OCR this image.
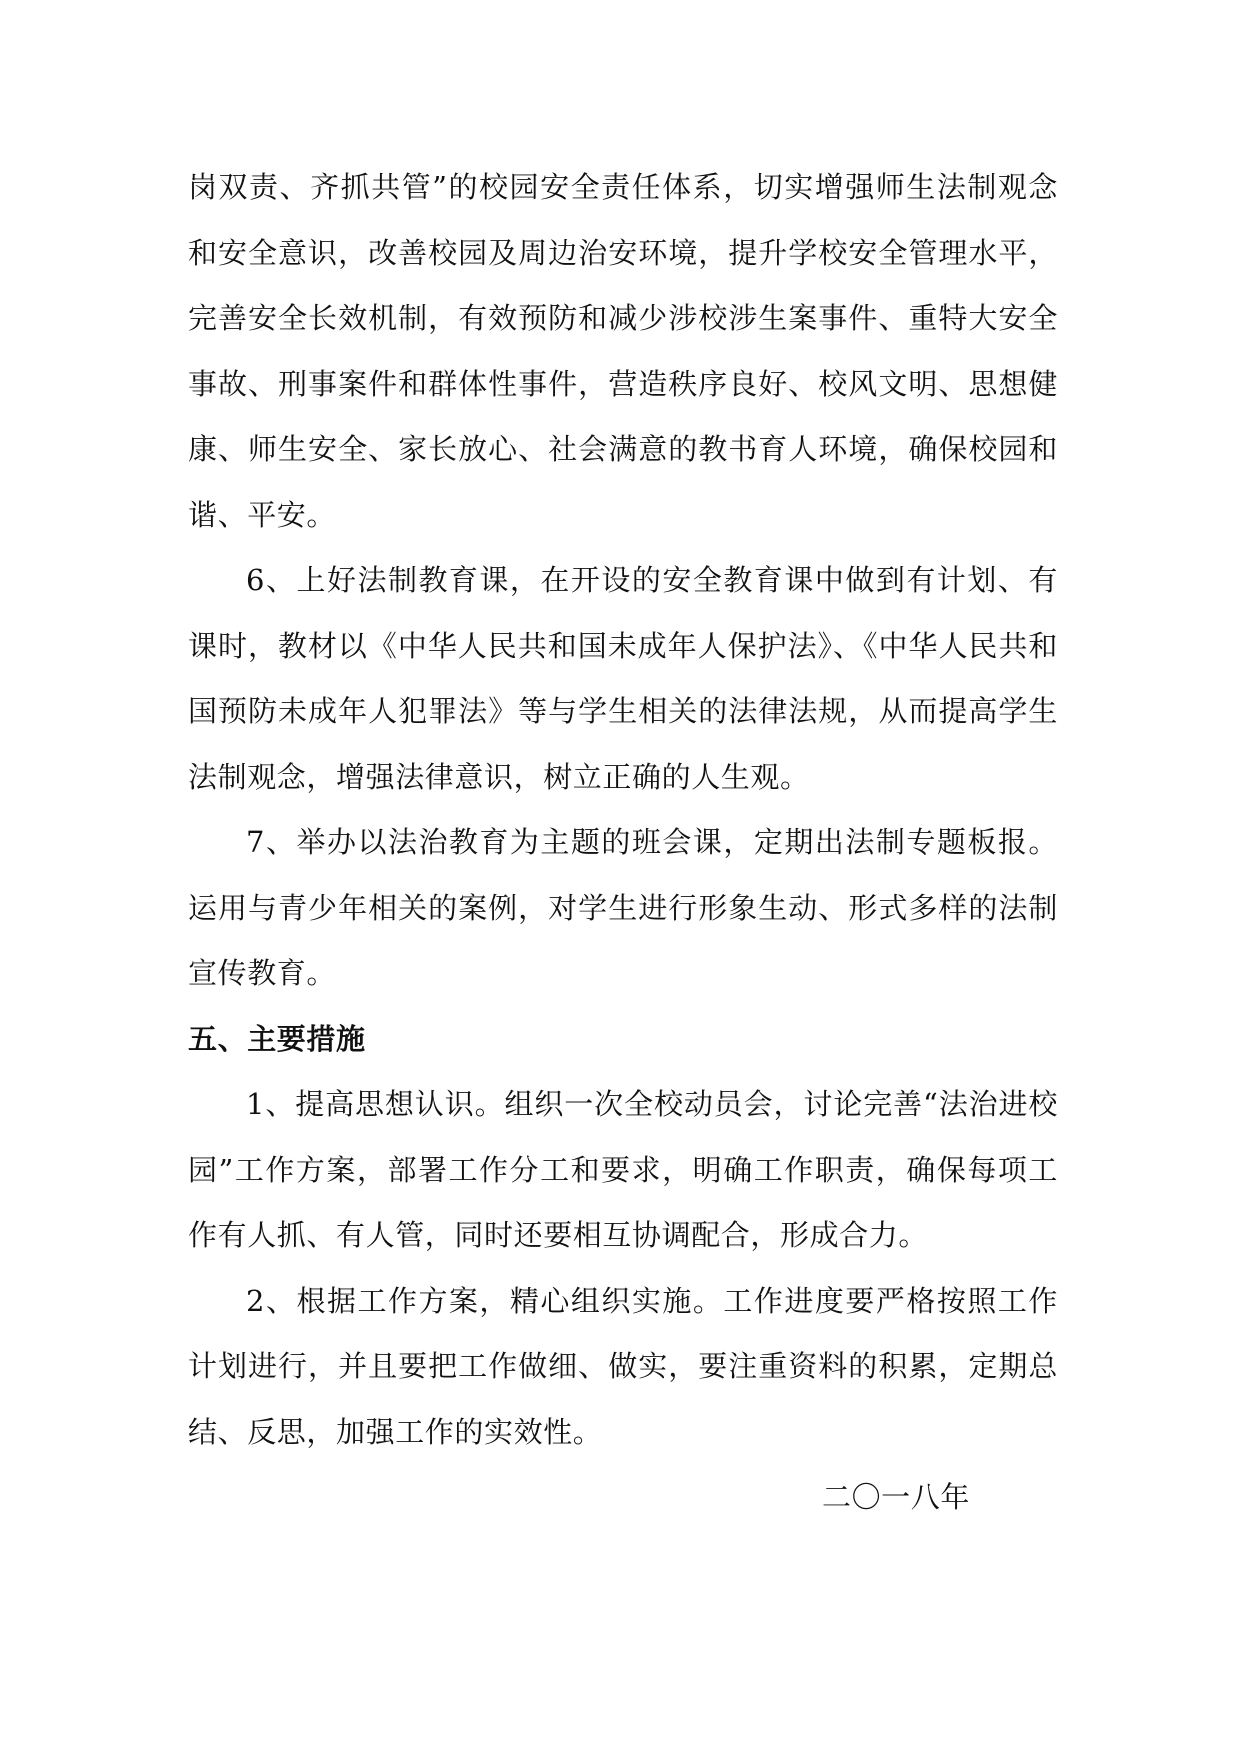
岗双责、齐抓共管”的校园安全责任体系，切实增强师生法制观念和安全意识，改善校园及周边治安环境，提升学校安全管理水平，完善安全长效机制，有效预防和减少涉校涉生案事件、重特大安全事故、刑事案件和群体性事件，营造秩序良好、校风文明、思想健康、师生安全、家长放心、社会满意的教书育人环境，确保校园和谐、平安。

6、上好法制教育课，在开设的安全教育课中做到有计划、有课时，教材以《中华人民共和国未成年人保护法》、《中华人民共和国预防未成年人犯罪法》等与学生相关的法律法规，从而提高学生法制观念，增强法律意识，树立正确的人生观。

7、举办以法治教育为主题的班会课，定期出法制专题板报。运用与青少年相关的案例，对学生进行形象生动、形式多样的法制宣传教育。

五、主要措施

1、提高思想认识。组织一次全校动员会，讨论完善“法治进校园”工作方案，部署工作分工和要求，明确工作职责，确保每项工作有人抓、有人管，同时还要相互协调配合，形成合力。

2、根据工作方案，精心组织实施。工作进度要严格按照工作计划进行，并且要把工作做细、做实，要注重资料的积累，定期总结、反思，加强工作的实效性。

二〇一八年
